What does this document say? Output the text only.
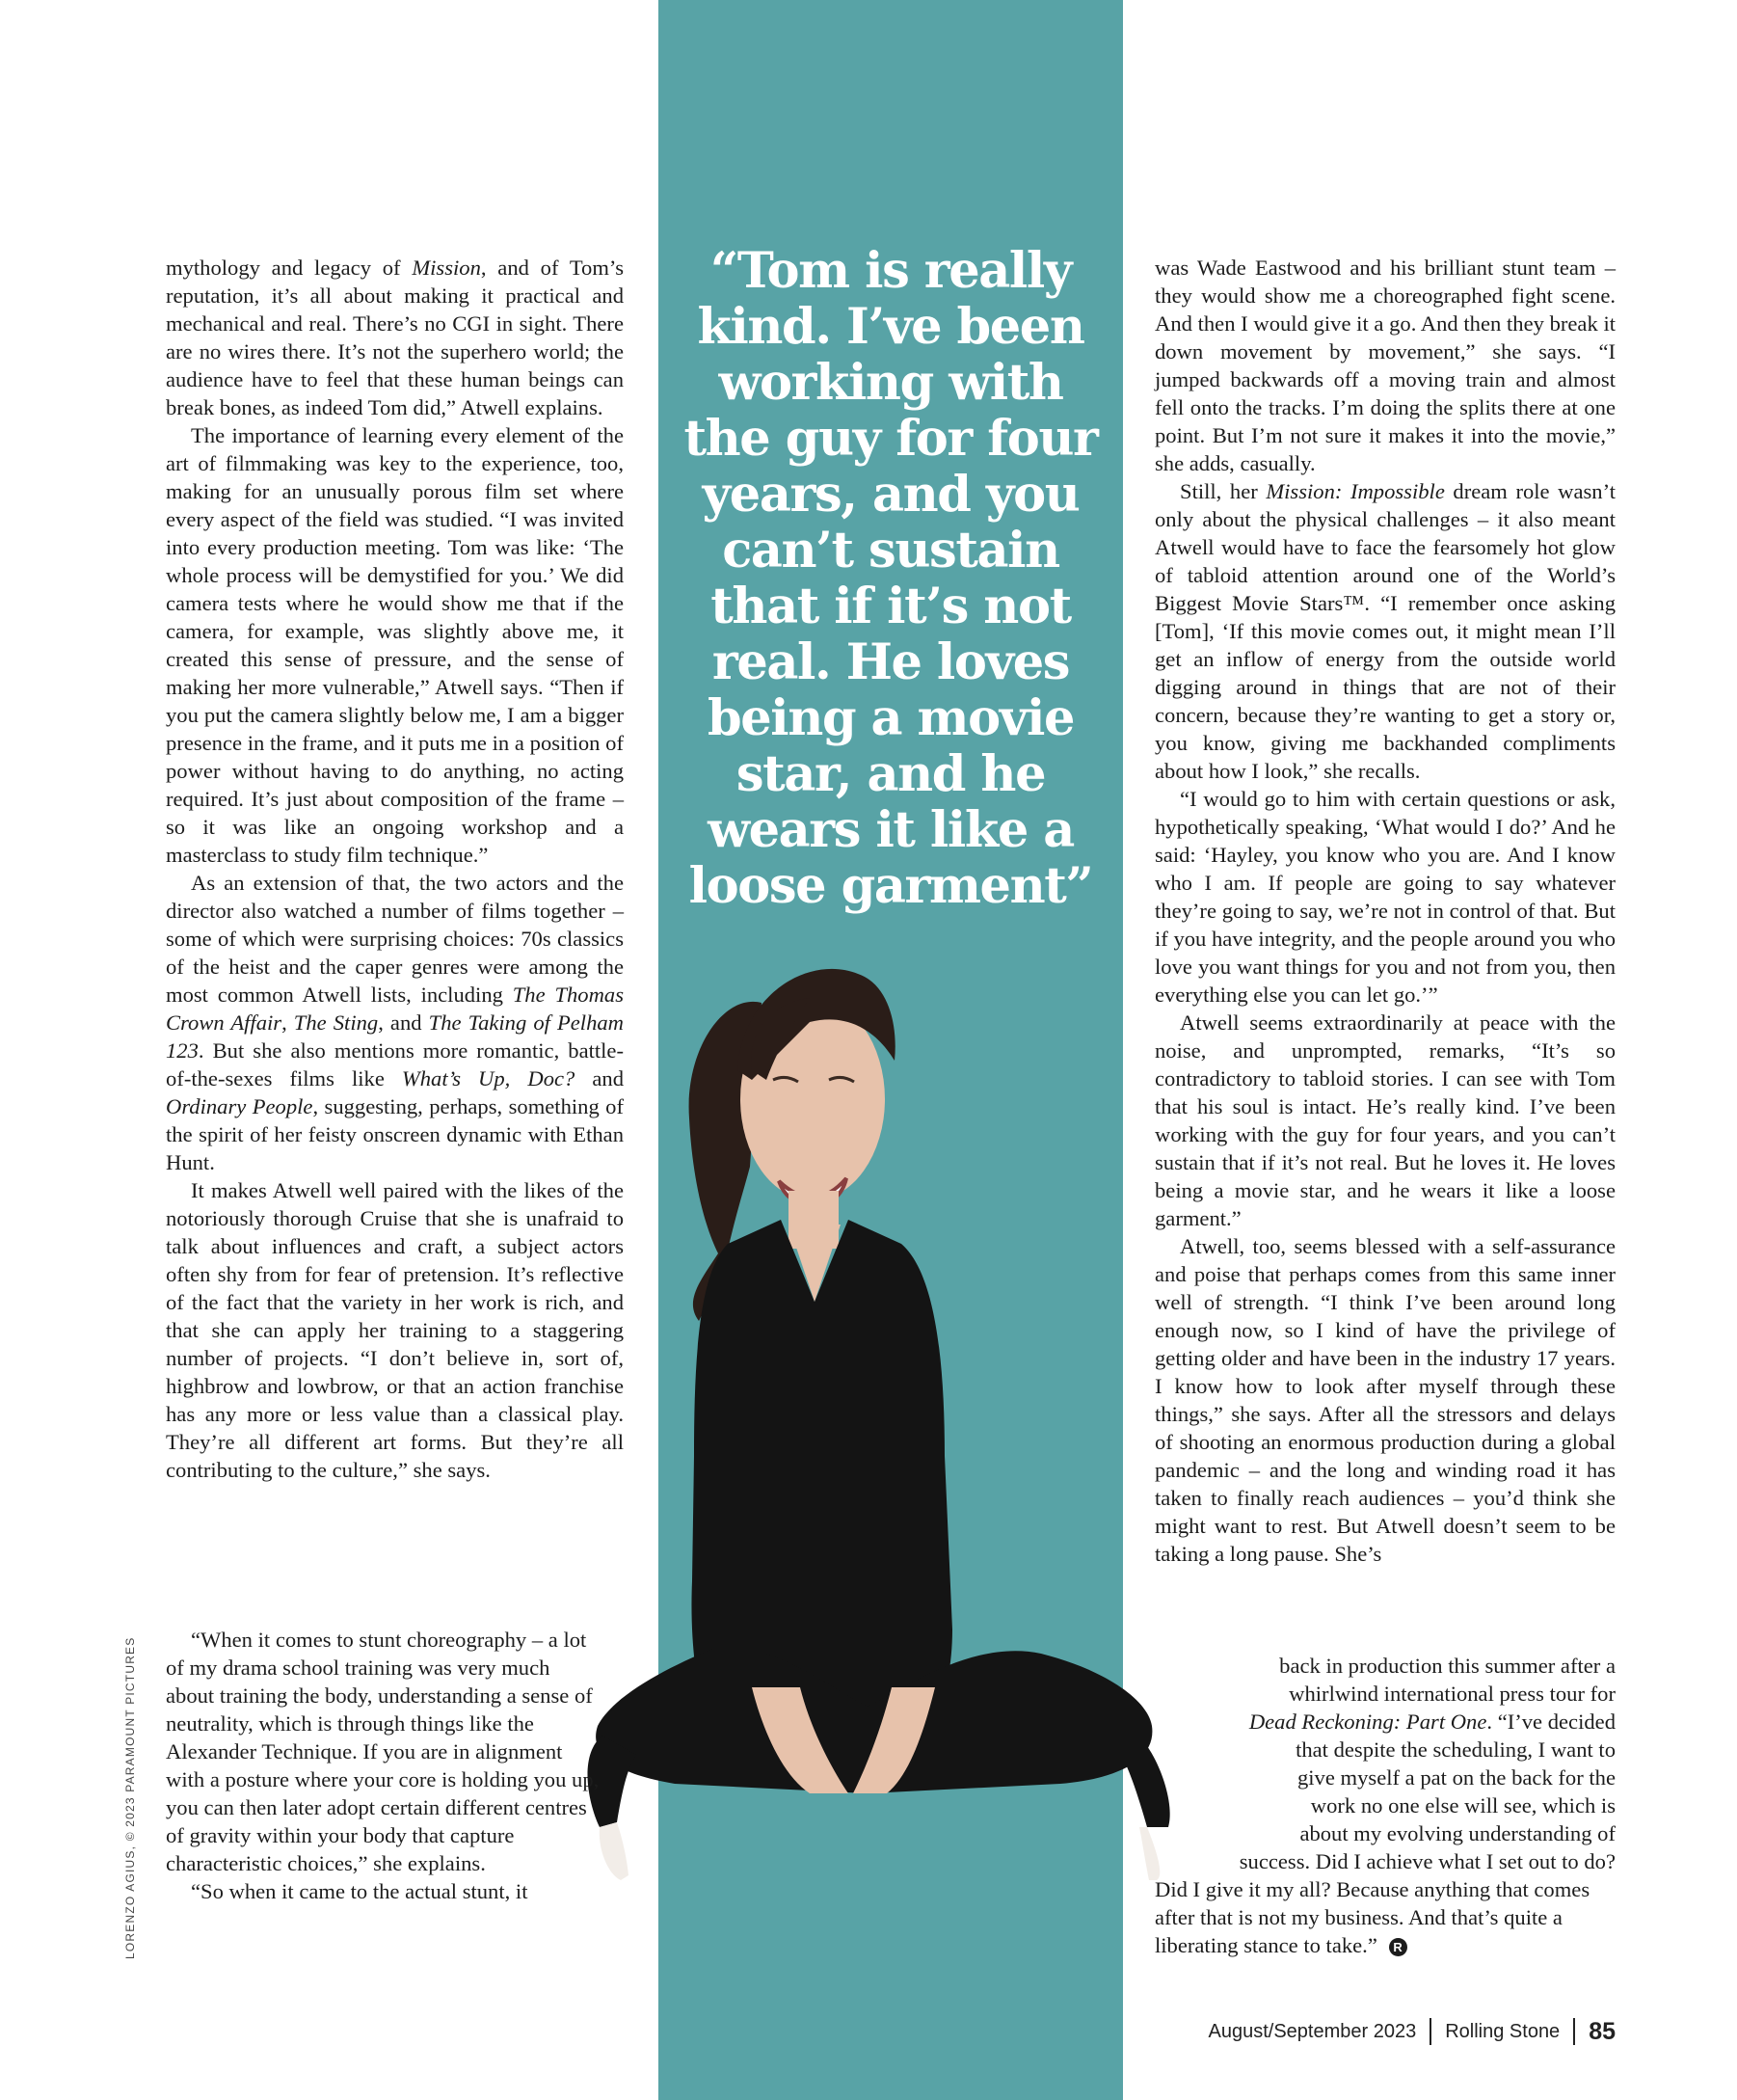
“Tom is really kind. I’ve been working with the guy for four years, and you can’t sustain that if it’s not real. He loves being a movie star, and he wears it like a loose garment”

mythology and legacy of Mission, and of Tom’s reputation, it’s all about making it practical and mechanical and real. There’s no CGI in sight. There are no wires there. It’s not the superhero world; the audience have to feel that these human beings can break bones, as indeed Tom did,” Atwell explains.

The importance of learning every element of the art of filmmaking was key to the experience, too, making for an unusually porous film set where every aspect of the field was studied. “I was invited into every production meeting. Tom was like: ‘The whole process will be demystified for you.’ We did camera tests where he would show me that if the camera, for example, was slightly above me, it created this sense of pressure, and the sense of making her more vulnerable,” Atwell says. “Then if you put the camera slightly below me, I am a bigger presence in the frame, and it puts me in a position of power without having to do anything, no acting required. It’s just about composition of the frame – so it was like an ongoing workshop and a masterclass to study film technique.”

As an extension of that, the two actors and the director also watched a number of films together – some of which were surprising choices: 70s classics of the heist and the caper genres were among the most common Atwell lists, including The Thomas Crown Affair, The Sting, and The Taking of Pelham 123. But she also mentions more romantic, battle-of-the-sexes films like What’s Up, Doc? and Ordinary People, suggesting, perhaps, something of the spirit of her feisty onscreen dynamic with Ethan Hunt.

It makes Atwell well paired with the likes of the notoriously thorough Cruise that she is unafraid to talk about influences and craft, a subject actors often shy from for fear of pretension. It’s reflective of the fact that the variety in her work is rich, and that she can apply her training to a staggering number of projects. “I don’t believe in, sort of, highbrow and lowbrow, or that an action franchise has any more or less value than a classical play. They’re all different art forms. But they’re all contributing to the culture,” she says.

“When it comes to stunt choreography – a lot of my drama school training was very much about training the body, understanding a sense of neutrality, which is through things like the Alexander Technique. If you are in alignment with a posture where your core is holding you up, you can then later adopt certain different centres of gravity within your body that capture characteristic choices,” she explains.

“So when it came to the actual stunt, it

was Wade Eastwood and his brilliant stunt team – they would show me a choreographed fight scene. And then I would give it a go. And then they break it down movement by movement,” she says. “I jumped backwards off a moving train and almost fell onto the tracks. I’m doing the splits there at one point. But I’m not sure it makes it into the movie,” she adds, casually.

Still, her Mission: Impossible dream role wasn’t only about the physical challenges – it also meant Atwell would have to face the fearsomely hot glow of tabloid attention around one of the World’s Biggest Movie Stars™. “I remember once asking [Tom], ‘If this movie comes out, it might mean I’ll get an inflow of energy from the outside world digging around in things that are not of their concern, because they’re wanting to get a story or, you know, giving me backhanded compliments about how I look,” she recalls.

“I would go to him with certain questions or ask, hypothetically speaking, ‘What would I do?’ And he said: ‘Hayley, you know who you are. And I know who I am. If people are going to say whatever they’re going to say, we’re not in control of that. But if you have integrity, and the people around you who love you want things for you and not from you, then everything else you can let go.’”

Atwell seems extraordinarily at peace with the noise, and unprompted, remarks, “It’s so contradictory to tabloid stories. I can see with Tom that his soul is intact. He’s really kind. I’ve been working with the guy for four years, and you can’t sustain that if it’s not real. But he loves it. He loves being a movie star, and he wears it like a loose garment.”

Atwell, too, seems blessed with a self-assurance and poise that perhaps comes from this same inner well of strength. “I think I’ve been around long enough now, so I kind of have the privilege of getting older and have been in the industry 17 years. I know how to look after myself through these things,” she says. After all the stressors and delays of shooting an enormous production during a global pandemic – and the long and winding road it has taken to finally reach audiences – you’d think she might want to rest. But Atwell doesn’t seem to be taking a long pause. She’s

back in production this summer after a
whirlwind international press tour for
Dead Reckoning: Part One. “I’ve decided
that despite the scheduling, I want to
give myself a pat on the back for the
work no one else will see, which is
about my evolving understanding of
success. Did I achieve what I set out to do?

Did I give it my all? Because anything that comes after that is not my business. And that’s quite a liberating stance to take.” R

LORENZO AGIUS, © 2023 PARAMOUNT PICTURES
August/September 2023 Rolling Stone 85
